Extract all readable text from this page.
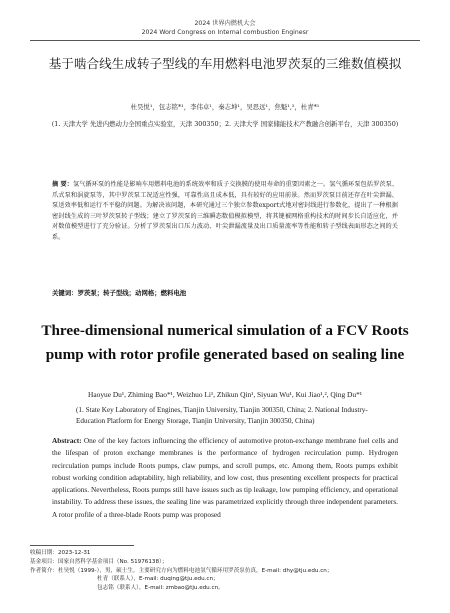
2024 世界内燃机大会
2024 Word Congress on Internal combustion Enginesr
基于啮合线生成转子型线的车用燃料电池罗茨泵的三维数值模拟
杜昊悦¹，包志铭*¹，李伟卓¹，秦志坤¹，吴思远¹，焦魁¹,²，杜青*¹
(1. 天津大学 先进内燃动力全国重点实验室，天津 300350；2. 天津大学 国家储能技术产教融合创新平台，天津 300350)
摘 要：氢气循环泵的性能是影响车用燃料电池的系统效率和质子交换膜的使用寿命的重要因素之一。氢气循环泵包括罗茨泵、爪式泵和涡旋泵等，其中罗茨泵工况适应性强，可靠性高且成本低，具有较好的应用前景。然而罗茨泵目前还存在叶尖泄漏、泵送效率低和运行不平稳的问题。为解决该问题，本研究通过三个独立参数export式地对密封线进行参数化，提出了一种根据密封线生成的三叶罗茨泵转子型线；建立了罗茨泵的三维瞬态数值模拟模型，将其键被网格重构技术的时间步长自适应化，并对数值模型进行了充分验证。分析了罗茨泵出口压力波动、叶尖泄漏流量及出口质量流率等性能和转子型线表面形态之间的关系。
关键词：罗茨泵；转子型线；动网格；燃料电池
Three-dimensional numerical simulation of a FCV Roots pump with rotor profile generated based on sealing line
Haoyue Du¹, Zhiming Bao*¹, Weizhuo Li¹, Zhikun Qin¹, Siyuan Wu¹, Kui Jiao¹,², Qing Du*¹
(1. State Key Laboratory of Engines, Tianjin University, Tianjin 300350, China; 2. National Industry-Education Platform for Energy Storage, Tianjin University, Tianjin 300350, China)
Abstract: One of the key factors influencing the efficiency of automotive proton-exchange membrane fuel cells and the lifespan of proton exchange membranes is the performance of hydrogen recirculation pump. Hydrogen recirculation pumps include Roots pumps, claw pumps, and scroll pumps, etc. Among them, Roots pumps exhibit robust working condition adaptability, high reliability, and low cost, thus presenting excellent prospects for practical applications. Nevertheless, Roots pumps still have issues such as tip leakage, low pumping efficiency, and operational instability. To address these issues, the sealing line was parametrized explicitly through three independent parameters. A rotor profile of a three-blade Roots pump was proposed
收稿日期：2023-12-31
基金项目：国家自然科学基金项目（No. 51976138）；
作者简介：杜昊悦（1999-），男，硕士生，主要研究方向为燃料电池氢气循环用罗茨泵仿真，E-mail: dhy@tju.edu.cn；
杜青（联系人），E-mail: duqing@tju.edu.cn；
包志铭（联系人），E-mail: zmbao@tju.edu.cn。
